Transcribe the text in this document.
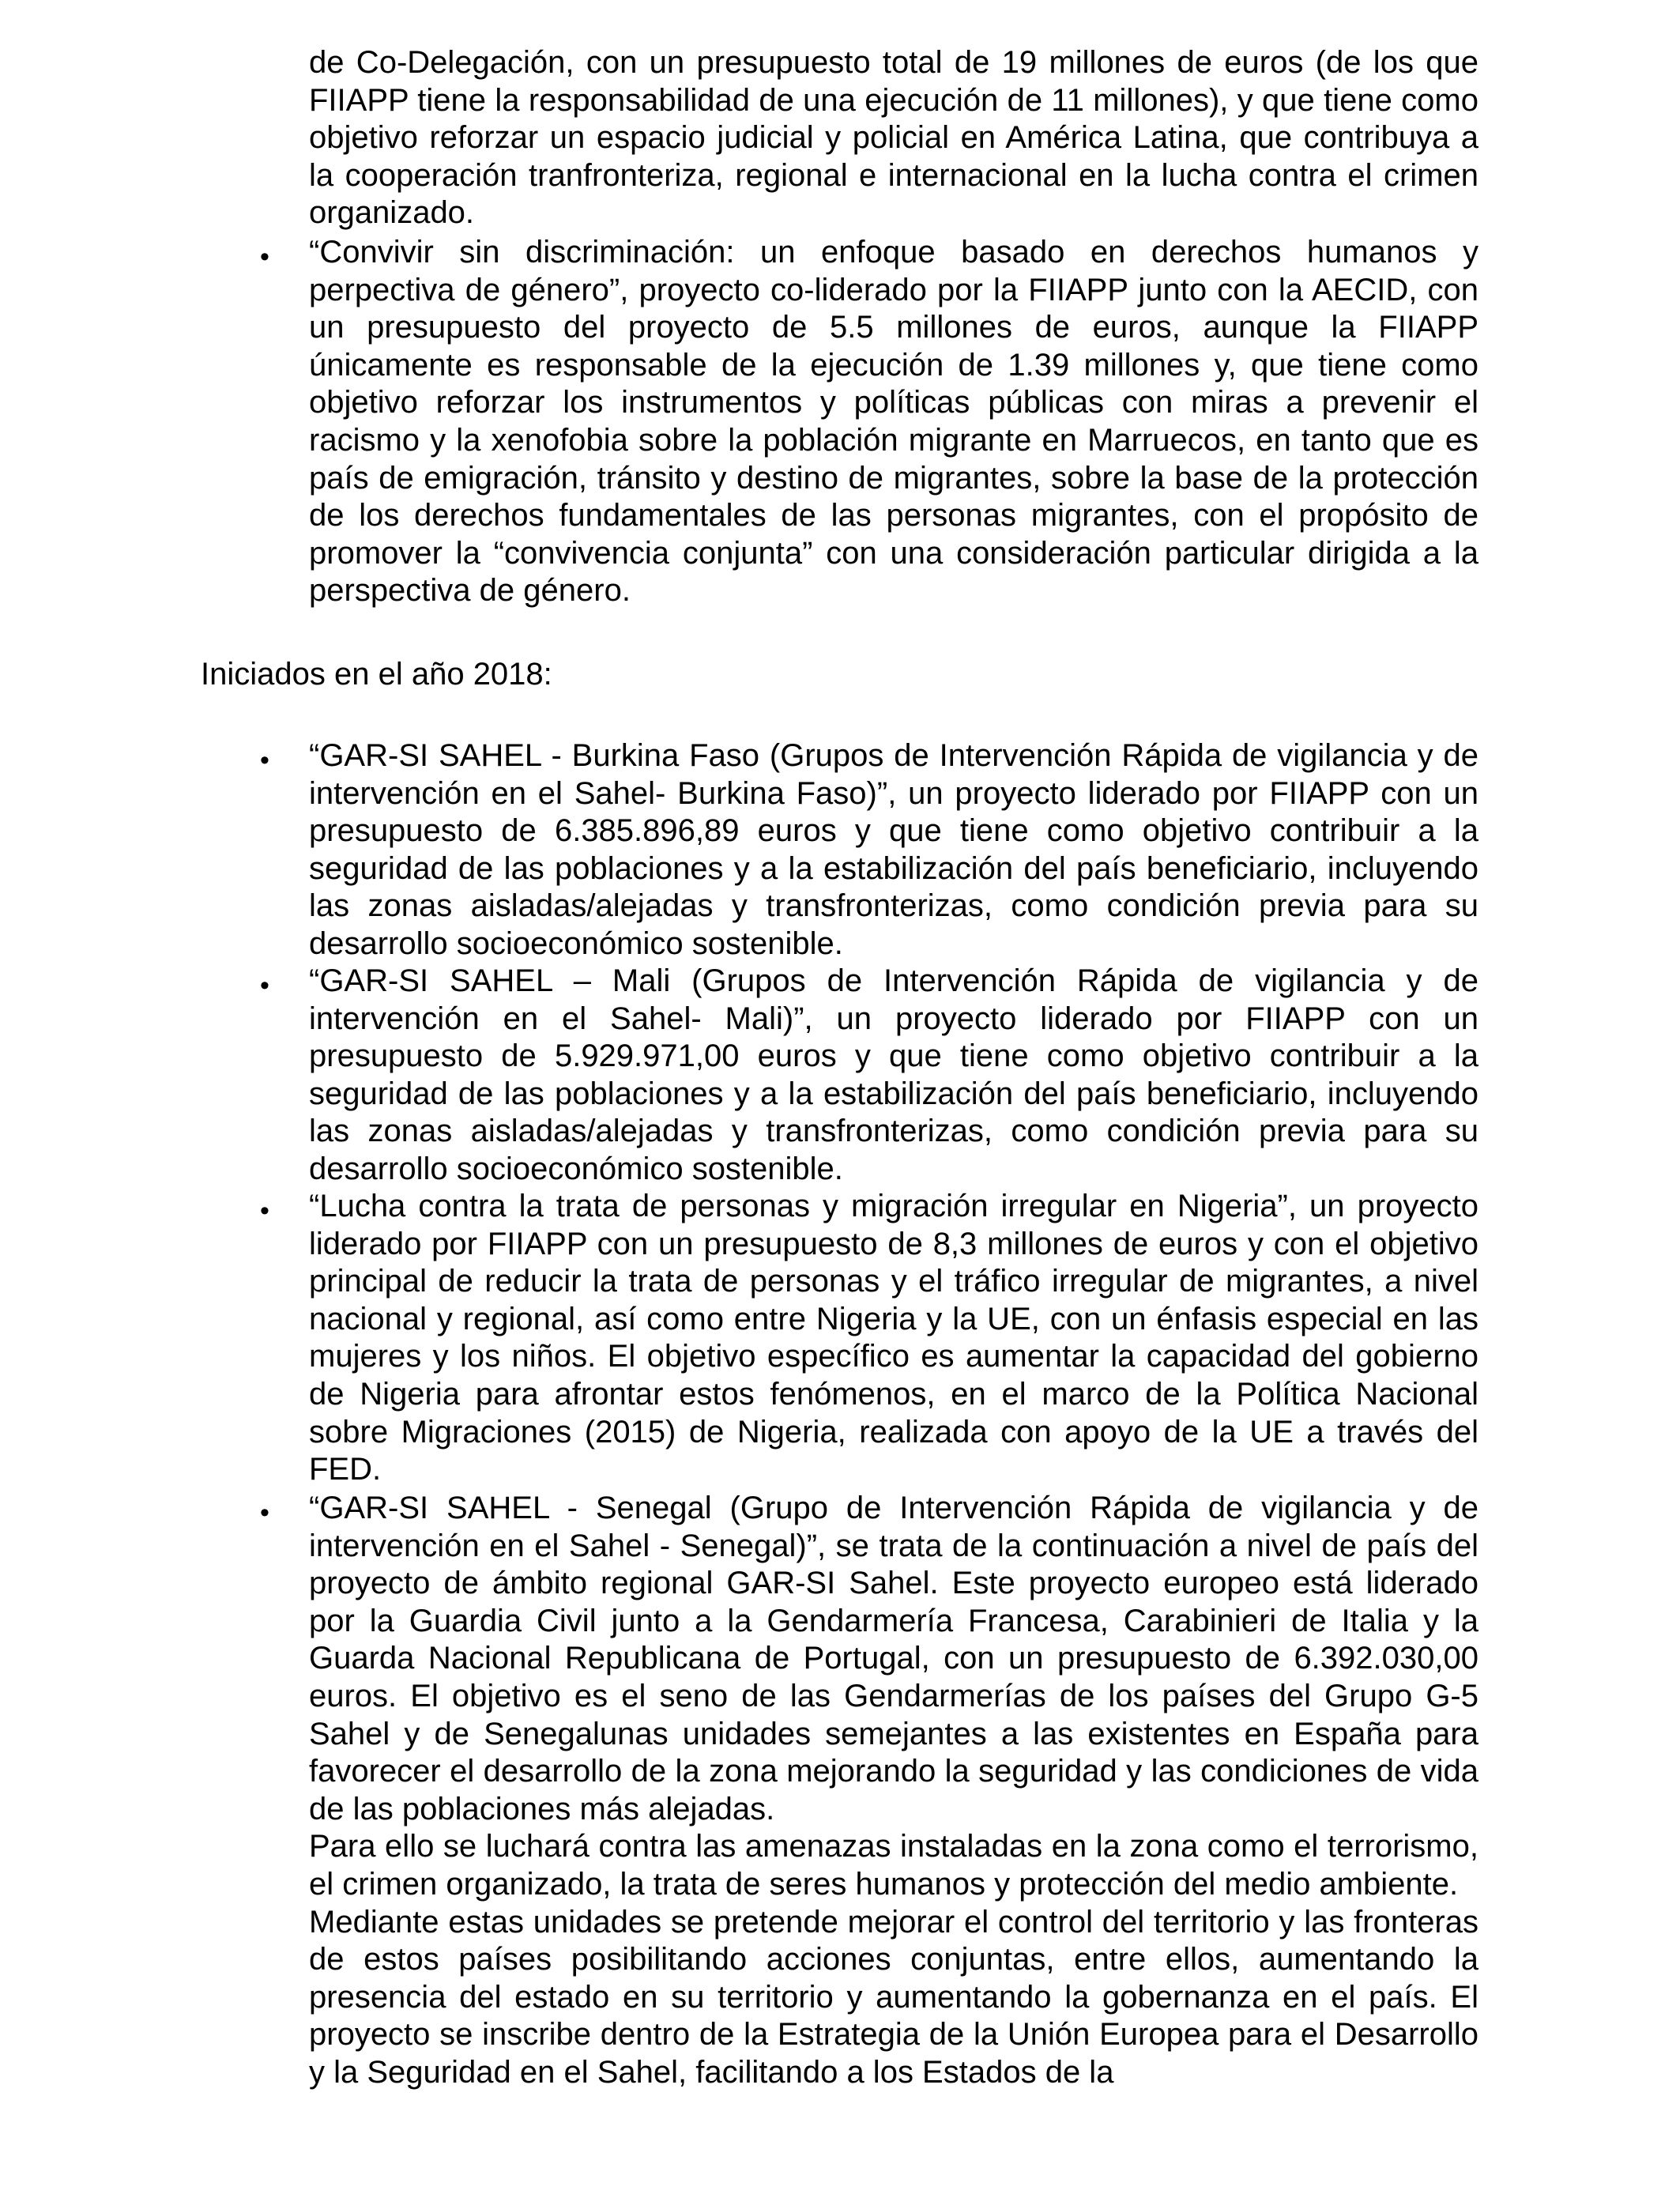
de Co-Delegación, con un presupuesto total de 19 millones de euros (de los que FIIAPP tiene la responsabilidad de una ejecución de 11 millones), y que tiene como objetivo reforzar un espacio judicial y policial en América Latina, que contribuya a la cooperación tranfronteriza, regional e internacional en la lucha contra el crimen organizado.

• “Convivir sin discriminación: un enfoque basado en derechos humanos y perpectiva de género”, proyecto co-liderado por la FIIAPP junto con la AECID, con un presupuesto del proyecto de 5.5 millones de euros, aunque la FIIAPP únicamente es responsable de la ejecución de 1.39 millones y, que tiene como objetivo reforzar los instrumentos y políticas públicas con miras a prevenir el racismo y la xenofobia sobre la población migrante en Marruecos, en tanto que es país de emigración, tránsito y destino de migrantes, sobre la base de la protección de los derechos fundamentales de las personas migrantes, con el propósito de promover la “convivencia conjunta” con una consideración particular dirigida a la perspectiva de género.

Iniciados en el año 2018:
• “GAR-SI SAHEL - Burkina Faso (Grupos de Intervención Rápida de vigilancia y de intervención en el Sahel- Burkina Faso)”, un proyecto liderado por FIIAPP con un presupuesto de 6.385.896,89 euros y que tiene como objetivo contribuir a la seguridad de las poblaciones y a la estabilización del país beneficiario, incluyendo las zonas aisladas/alejadas y transfronterizas, como condición previa para su desarrollo socioeconómico sostenible.

• “GAR-SI SAHEL – Mali (Grupos de Intervención Rápida de vigilancia y de intervención en el Sahel- Mali)”, un proyecto liderado por FIIAPP con un presupuesto de 5.929.971,00 euros y que tiene como objetivo contribuir a la seguridad de las poblaciones y a la estabilización del país beneficiario, incluyendo las zonas aisladas/alejadas y transfronterizas, como condición previa para su desarrollo socioeconómico sostenible.

• “Lucha contra la trata de personas y migración irregular en Nigeria”, un proyecto liderado por FIIAPP con un presupuesto de 8,3 millones de euros y con el objetivo principal de reducir la trata de personas y el tráfico irregular de migrantes, a nivel nacional y regional, así como entre Nigeria y la UE, con un énfasis especial en las mujeres y los niños. El objetivo específico es aumentar la capacidad del gobierno de Nigeria para afrontar estos fenómenos, en el marco de la Política Nacional sobre Migraciones (2015) de Nigeria, realizada con apoyo de la UE a través del FED.

• “GAR-SI SAHEL - Senegal (Grupo de Intervención Rápida de vigilancia y de intervención en el Sahel - Senegal)”, se trata de la continuación a nivel de país del proyecto de ámbito regional GAR-SI Sahel. Este proyecto europeo está liderado por la Guardia Civil junto a la Gendarmería Francesa, Carabinieri de Italia y la Guarda Nacional Republicana de Portugal, con un presupuesto de 6.392.030,00 euros. El objetivo es el seno de las Gendarmerías de los países del Grupo G-5 Sahel y de Senegalunas unidades semejantes a las existentes en España para favorecer el desarrollo de la zona mejorando la seguridad y las condiciones de vida de las poblaciones más alejadas.

Para ello se luchará contra las amenazas instaladas en la zona como el terrorismo, el crimen organizado, la trata de seres humanos y protección del medio ambiente.

Mediante estas unidades se pretende mejorar el control del territorio y las fronteras de estos países posibilitando acciones conjuntas, entre ellos, aumentando la presencia del estado en su territorio y aumentando la gobernanza en el país. El proyecto se inscribe dentro de la Estrategia de la Unión Europea para el Desarrollo y la Seguridad en el Sahel, facilitando a los Estados de la
